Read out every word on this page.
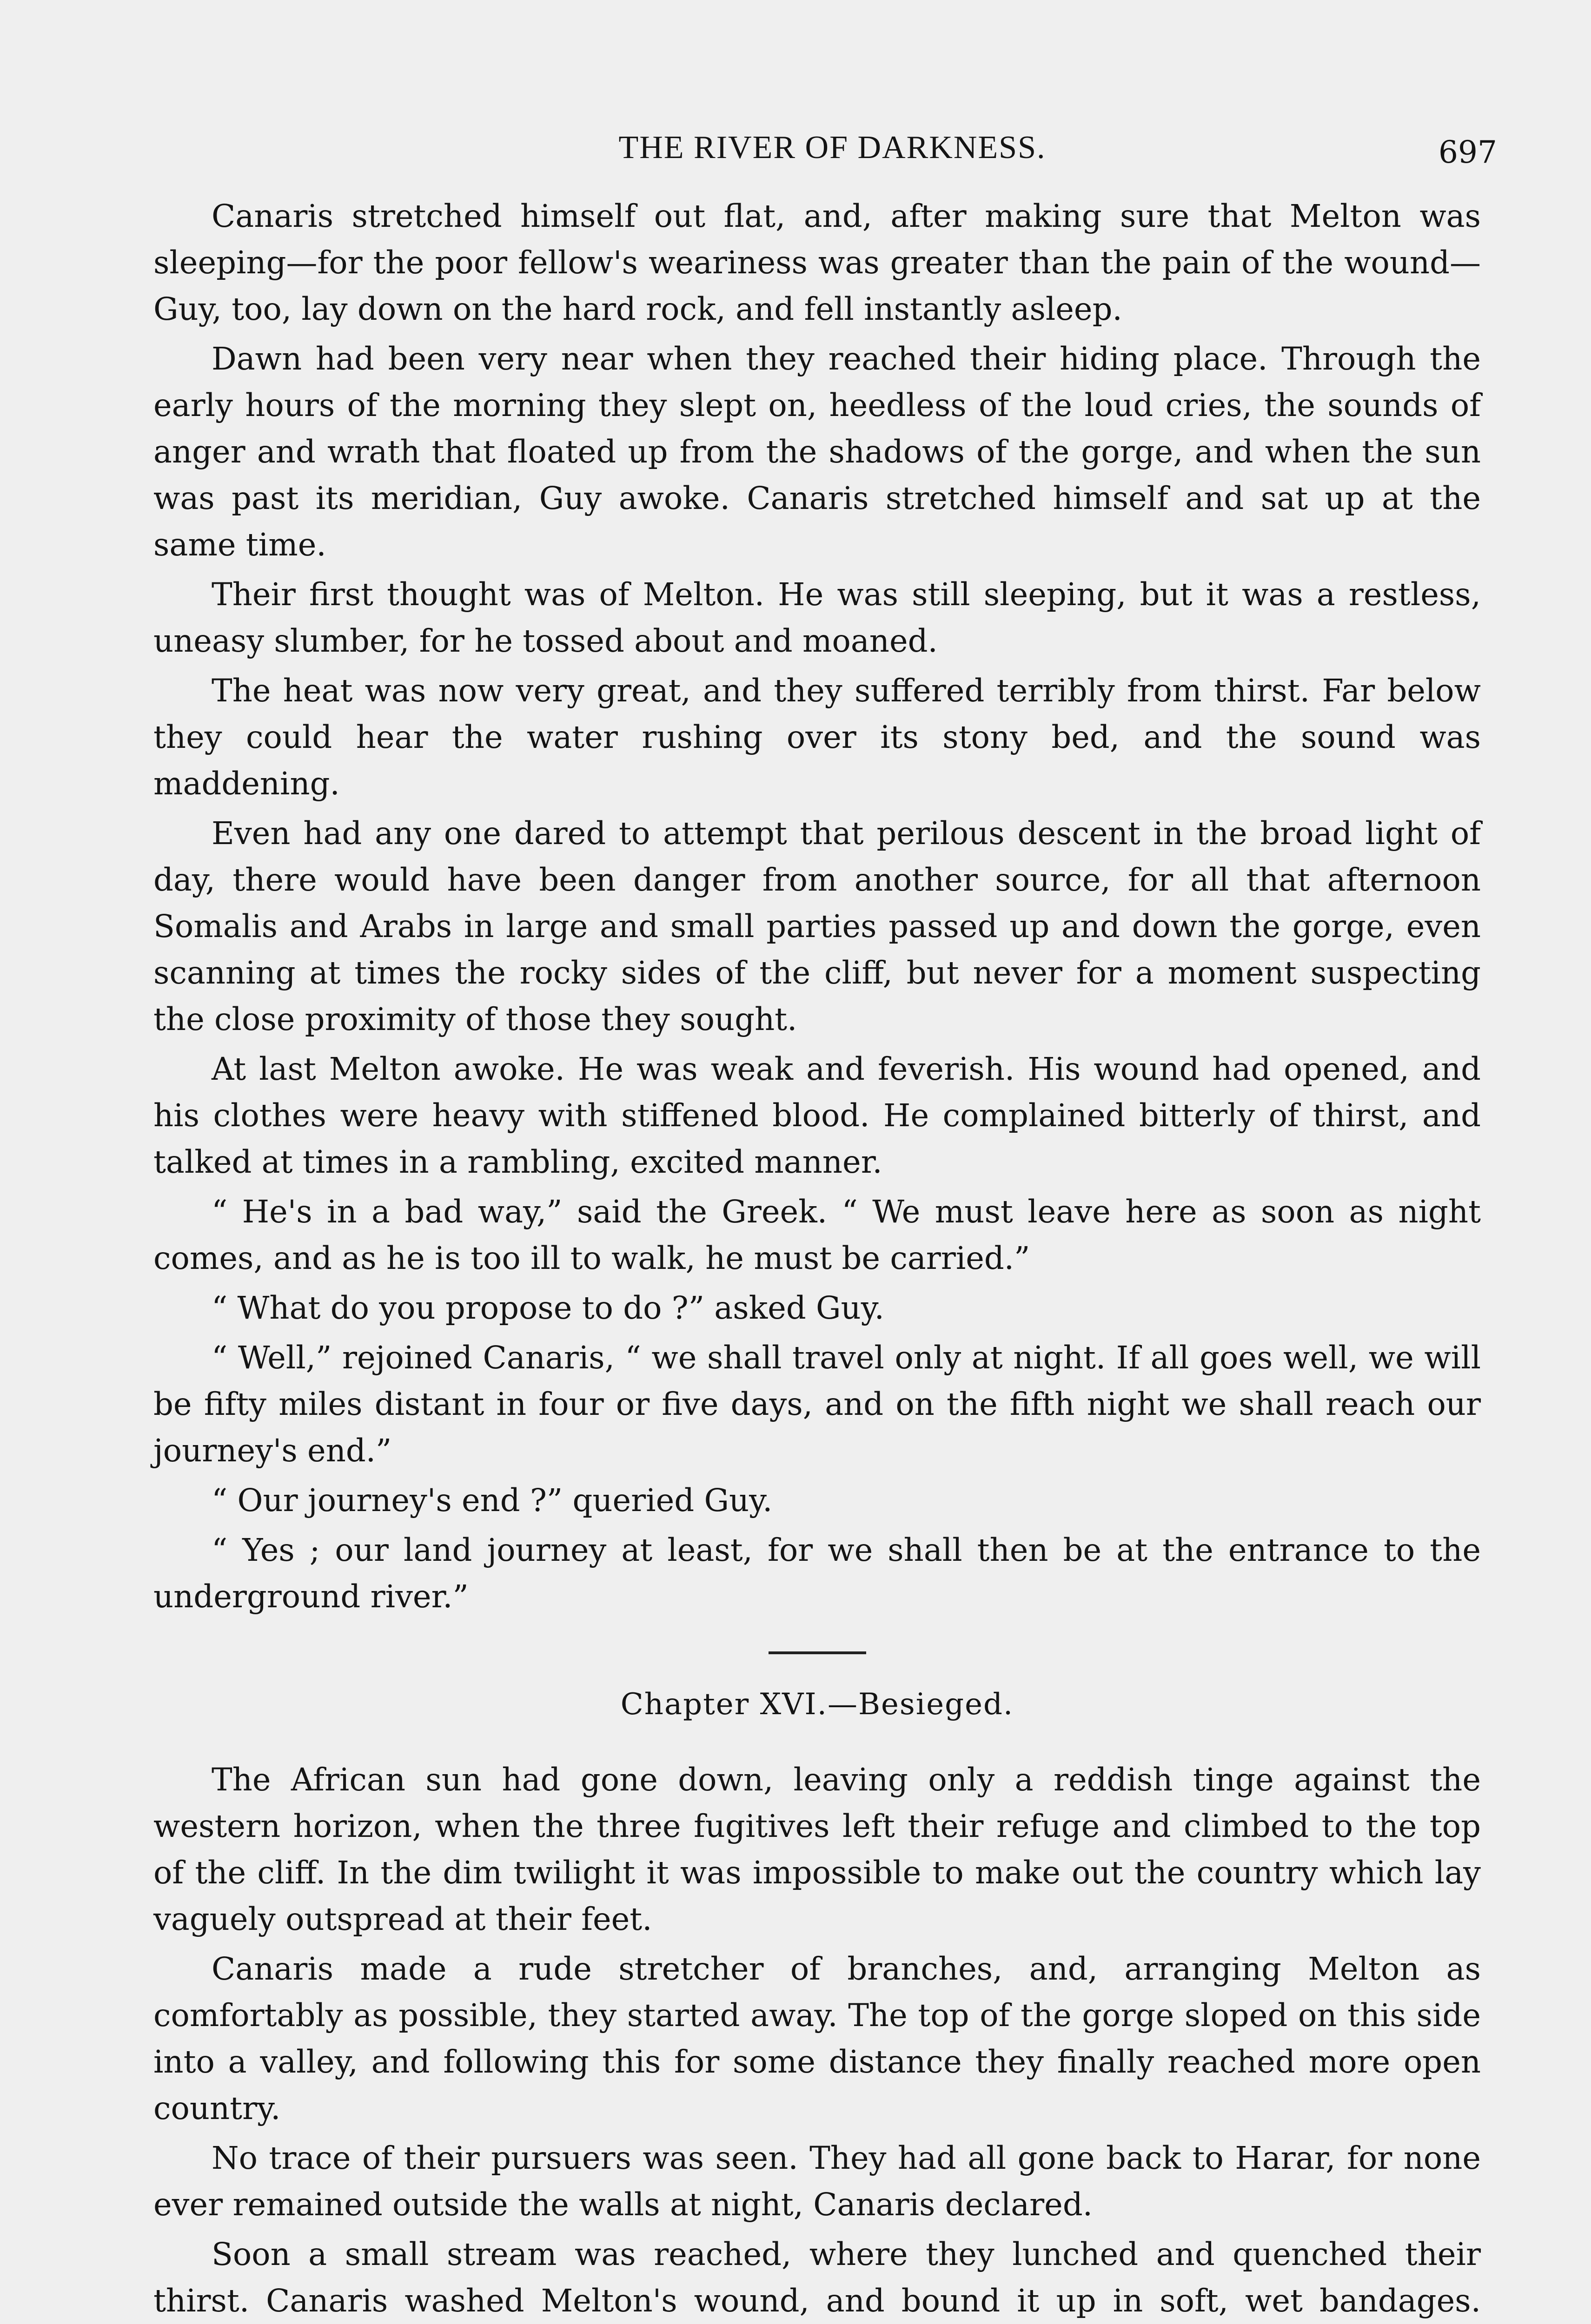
THE RIVER OF DARKNESS.	697

Canaris stretched himself out flat, and, after making sure that Melton was sleeping—for the poor fellow's weariness was greater than the pain of the wound—Guy, too, lay down on the hard rock, and fell instantly asleep.

Dawn had been very near when they reached their hiding place. Through the early hours of the morning they slept on, heedless of the loud cries, the sounds of anger and wrath that floated up from the shadows of the gorge, and when the sun was past its meridian, Guy awoke. Canaris stretched himself and sat up at the same time.

Their first thought was of Melton. He was still sleeping, but it was a restless, uneasy slumber, for he tossed about and moaned.

The heat was now very great, and they suffered terribly from thirst. Far below they could hear the water rushing over its stony bed, and the sound was maddening.

Even had any one dared to attempt that perilous descent in the broad light of day, there would have been danger from another source, for all that afternoon Somalis and Arabs in large and small parties passed up and down the gorge, even scanning at times the rocky sides of the cliff, but never for a moment suspecting the close proximity of those they sought.

At last Melton awoke. He was weak and feverish. His wound had opened, and his clothes were heavy with stiffened blood. He complained bitterly of thirst, and talked at times in a rambling, excited manner.

“ He's in a bad way,” said the Greek. “ We must leave here as soon as night comes, and as he is too ill to walk, he must be carried.”

“ What do you propose to do ?” asked Guy.

“ Well,” rejoined Canaris, “ we shall travel only at night. If all goes well, we will be fifty miles distant in four or five days, and on the fifth night we shall reach our journey's end.”

“ Our journey's end ?” queried Guy.

“ Yes ; our land journey at least, for we shall then be at the entrance to the underground river.”

Chapter XVI.—Besieged.

The African sun had gone down, leaving only a reddish tinge against the western horizon, when the three fugitives left their refuge and climbed to the top of the cliff. In the dim twilight it was impossible to make out the country which lay vaguely outspread at their feet.

Canaris made a rude stretcher of branches, and, arranging Melton as comfortably as possible, they started away. The top of the gorge sloped on this side into a valley, and following this for some distance they finally reached more open country.

No trace of their pursuers was seen. They had all gone back to Harar, for none ever remained outside the walls at night, Canaris declared.

Soon a small stream was reached, where they lunched and quenched their thirst. Canaris washed Melton's wound, and bound it up in soft, wet bandages.
